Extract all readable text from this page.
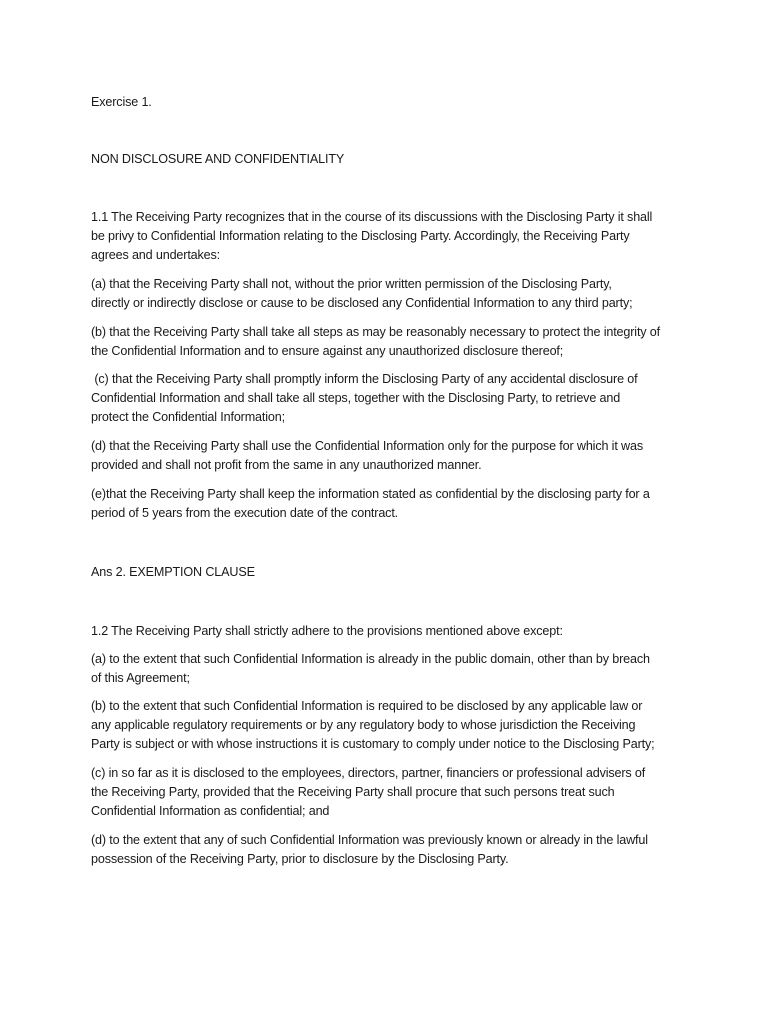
Exercise 1.

NON DISCLOSURE AND CONFIDENTIALITY

1.1 The Receiving Party recognizes that in the course of its discussions with the Disclosing Party it shall
be privy to Confidential Information relating to the Disclosing Party. Accordingly, the Receiving Party
agrees and undertakes:

(a) that the Receiving Party shall not, without the prior written permission of the Disclosing Party,
directly or indirectly disclose or cause to be disclosed any Confidential Information to any third party;

(b) that the Receiving Party shall take all steps as may be reasonably necessary to protect the integrity of
the Confidential Information and to ensure against any unauthorized disclosure thereof;

(c) that the Receiving Party shall promptly inform the Disclosing Party of any accidental disclosure of
Confidential Information and shall take all steps, together with the Disclosing Party, to retrieve and
protect the Confidential Information;

(d) that the Receiving Party shall use the Confidential Information only for the purpose for which it was
provided and shall not profit from the same in any unauthorized manner.

(e)that the Receiving Party shall keep the information stated as confidential by the disclosing party for a
period of 5 years from the execution date of the contract.

Ans 2. EXEMPTION CLAUSE

1.2 The Receiving Party shall strictly adhere to the provisions mentioned above except:

(a) to the extent that such Confidential Information is already in the public domain, other than by breach
of this Agreement;

(b) to the extent that such Confidential Information is required to be disclosed by any applicable law or
any applicable regulatory requirements or by any regulatory body to whose jurisdiction the Receiving
Party is subject or with whose instructions it is customary to comply under notice to the Disclosing Party;

(c) in so far as it is disclosed to the employees, directors, partner, financiers or professional advisers of
the Receiving Party, provided that the Receiving Party shall procure that such persons treat such
Confidential Information as confidential; and

(d) to the extent that any of such Confidential Information was previously known or already in the lawful
possession of the Receiving Party, prior to disclosure by the Disclosing Party.
